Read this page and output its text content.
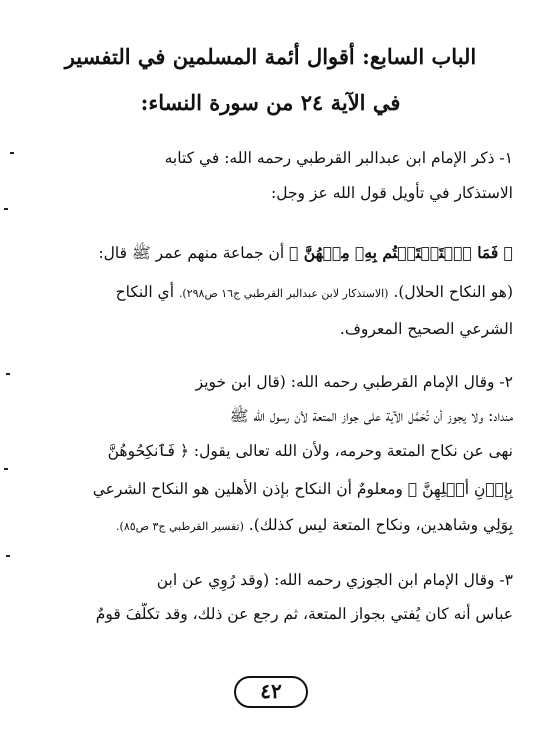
الباب السابع: أقوال أئمة المسلمين في التفسير
في الآية ٢٤ من سورة النساء:
١- ذكر الإمام ابن عبدالبر القرطبي رحمه الله: في كتابه
الاستذكار في تأويل قول الله عز وجل:
﴿ فَمَا ٱسۡتَمۡتَعۡتُم بِهِۦ مِنۡهُنَّ ﴾ أن جماعة منهم عمر ﷺ قال:
(هو النكاح الحلال). (الاستذكار لابن عبدالبر القرطبي ج١٦ ص٢٩٨). أي النكاح
الشرعي الصحيح المعروف.
٢- وقال الإمام القرطبي رحمه الله: (قال ابن خويز
منداد: ولا يجوز أن تُحَمَّل الآية على جواز المتعة لأن رسول الله ﷺ
نهى عن نكاح المتعة وحرمه، ولأن الله تعالى يقول: ﴿ فَٱنكِحُوهُنَّ
بِإِذۡنِ أَهۡلِهِنَّ ﴾ ومعلومٌ أن النكاح بإذن الأهلين هو النكاح الشرعي
بِوَلِي وشاهدين، ونكاح المتعة ليس كذلك). (تفسير القرطبي ج٣ ص٨٥).
٣- وقال الإمام ابن الجوزي رحمه الله: (وقد رُوِي عن ابن
عباس أنه كان يُفتي بجواز المتعة، ثم رجع عن ذلك، وقد تكلَّفَ قومٌ
٤٢
